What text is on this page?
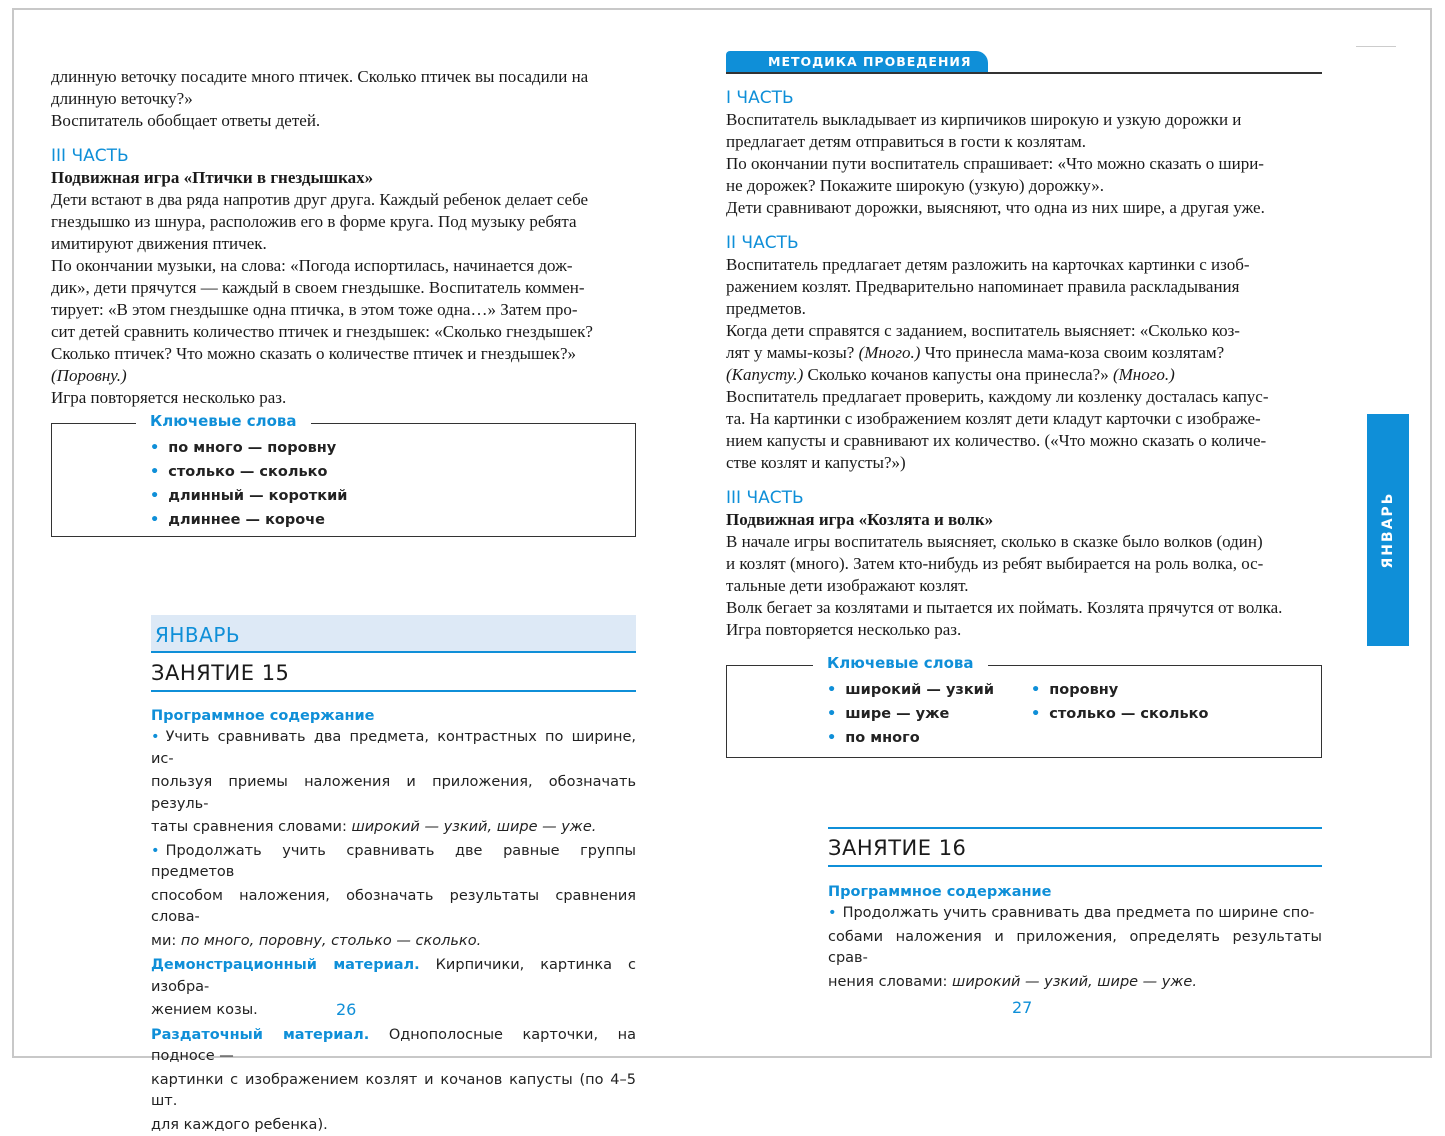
длинную веточку посадите много птичек. Сколько птичек вы посадили на

длинную веточку?»

Воспитатель обобщает ответы детей.

III ЧАСТЬ

Подвижная игра «Птички в гнездышках»

Дети встают в два ряда напротив друг друга. Каждый ребенок делает себе

гнездышко из шнура, расположив его в форме круга. Под музыку ребята

имитируют движения птичек.

По окончании музыки, на слова: «Погода испортилась, начинается дож-

дик», дети прячутся — каждый в своем гнездышке. Воспитатель коммен-

тирует: «В этом гнездышке одна птичка, в этом тоже одна…» Затем про-

сит детей сравнить количество птичек и гнездышек: «Сколько гнездышек?

Сколько птичек? Что можно сказать о количестве птичек и гнездышек?»

(Поровну.)

Игра повторяется несколько раз.

Ключевые слова
• по много — поровну
• столько — сколько
• длинный — короткий
• длиннее — короче
ЯНВАРЬ
ЗАНЯТИЕ 15
Программное содержание

• Учить сравнивать два предмета, контрастных по ширине, ис-

пользуя приемы наложения и приложения, обозначать резуль-

таты сравнения словами: широкий — узкий, шире — уже.

• Продолжать учить сравнивать две равные группы предметов

способом наложения, обозначать результаты сравнения слова-

ми: по много, поровну, столько — сколько.

Демонстрационный материал. Кирпичики, картинка с изобра-

жением козы.

Раздаточный материал. Однополосные карточки, на подносе —

картинки с изображением козлят и кочанов капусты (по 4–5 шт.

для каждого ребенка).

26
МЕТОДИКА ПРОВЕДЕНИЯ

I ЧАСТЬ

Воспитатель выкладывает из кирпичиков широкую и узкую дорожки и

предлагает детям отправиться в гости к козлятам.

По окончании пути воспитатель спрашивает: «Что можно сказать о шири-

не дорожек? Покажите широкую (узкую) дорожку».

Дети сравнивают дорожки, выясняют, что одна из них шире, а другая уже.

II ЧАСТЬ

Воспитатель предлагает детям разложить на карточках картинки с изоб-

ражением козлят. Предварительно напоминает правила раскладывания

предметов.

Когда дети справятся с заданием, воспитатель выясняет: «Сколько коз-

лят у мамы-козы? (Много.) Что принесла мама-коза своим козлятам?

(Капусту.) Сколько кочанов капусты она принесла?» (Много.)

Воспитатель предлагает проверить, каждому ли козленку досталась капус-

та. На картинки с изображением козлят дети кладут карточки с изображе-

нием капусты и сравнивают их количество. («Что можно сказать о количе-

стве козлят и капусты?»)

III ЧАСТЬ

Подвижная игра «Козлята и волк»

В начале игры воспитатель выясняет, сколько в сказке было волков (один)

и козлят (много). Затем кто-нибудь из ребят выбирается на роль волка, ос-

тальные дети изображают козлят.

Волк бегает за козлятами и пытается их поймать. Козлята прячутся от волка.

Игра повторяется несколько раз.

Ключевые слова
• широкий — узкий
• шире — уже
• по много
• поровну
• столько — сколько
ЗАНЯТИЕ 16
Программное содержание

• Продолжать учить сравнивать два предмета по ширине спо-

собами наложения и приложения, определять результаты срав-

нения словами: широкий — узкий, шире — уже.

ЯНВАРЬ
27
